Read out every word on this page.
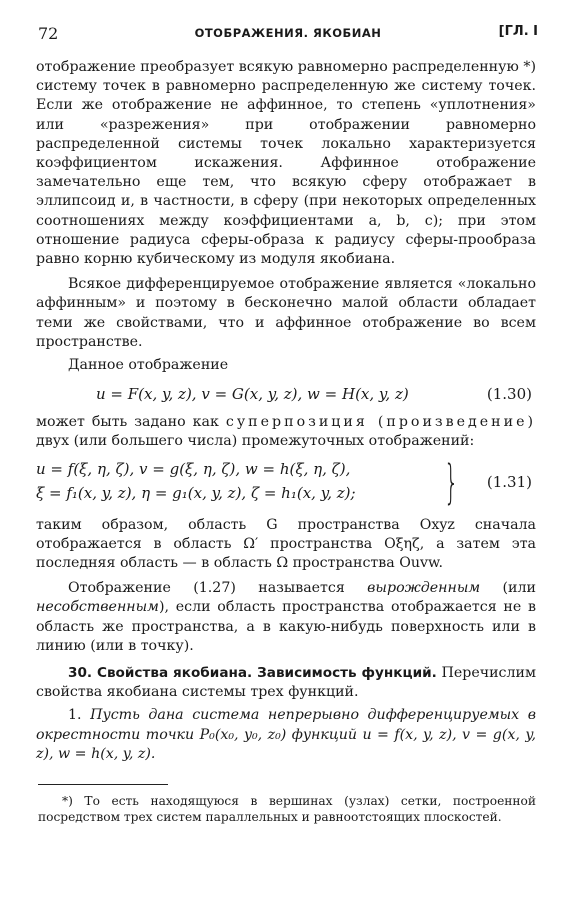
72	ОТОБРАЖЕНИЯ. ЯКОБИАН	[ГЛ. I

отображение преобразует всякую равномерно распределенную *) систему точек в равномерно распределенную же систему точек. Если же отображение не аффинное, то степень «уплотнения» или «разрежения» при отображении равномерно распределенной системы точек локально характеризуется коэффициентом искажения. Аффинное отображение замечательно еще тем, что всякую сферу отображает в эллипсоид и, в частности, в сферу (при некоторых определенных соотношениях между коэффициентами a, b, c); при этом отношение радиуса сферы-образа к радиусу сферы-прообраза равно корню кубическому из модуля якобиана.

Всякое дифференцируемое отображение является «локально аффинным» и поэтому в бесконечно малой области обладает теми же свойствами, что и аффинное отображение во всем пространстве.

Данное отображение

u = F(x, y, z), v = G(x, y, z), w = H(x, y, z)	(1.30)

может быть задано как суперпозиция (произведение) двух (или большего числа) промежуточных отображений:

u = f(ξ, η, ζ), v = g(ξ, η, ζ), w = h(ξ, η, ζ),
ξ = f₁(x, y, z), η = g₁(x, y, z), ζ = h₁(x, y, z); } (1.31)

таким образом, область G пространства Oxyz сначала отображается в область Ω′ пространства Oξηζ, а затем эта последняя область — в область Ω пространства Ouvw.

Отображение (1.27) называется вырожденным (или несобственным), если область пространства отображается не в область же пространства, а в какую-нибудь поверхность или в линию (или в точку).

30. Свойства якобиана. Зависимость функций. Перечислим свойства якобиана системы трех функций.

1. Пусть дана система непрерывно дифференцируемых в окрестности точки P₀(x₀, y₀, z₀) функций u = f(x, y, z), v = g(x, y, z), w = h(x, y, z).

*) То есть находящуюся в вершинах (узлах) сетки, построенной посредством трех систем параллельных и равноотстоящих плоскостей.
